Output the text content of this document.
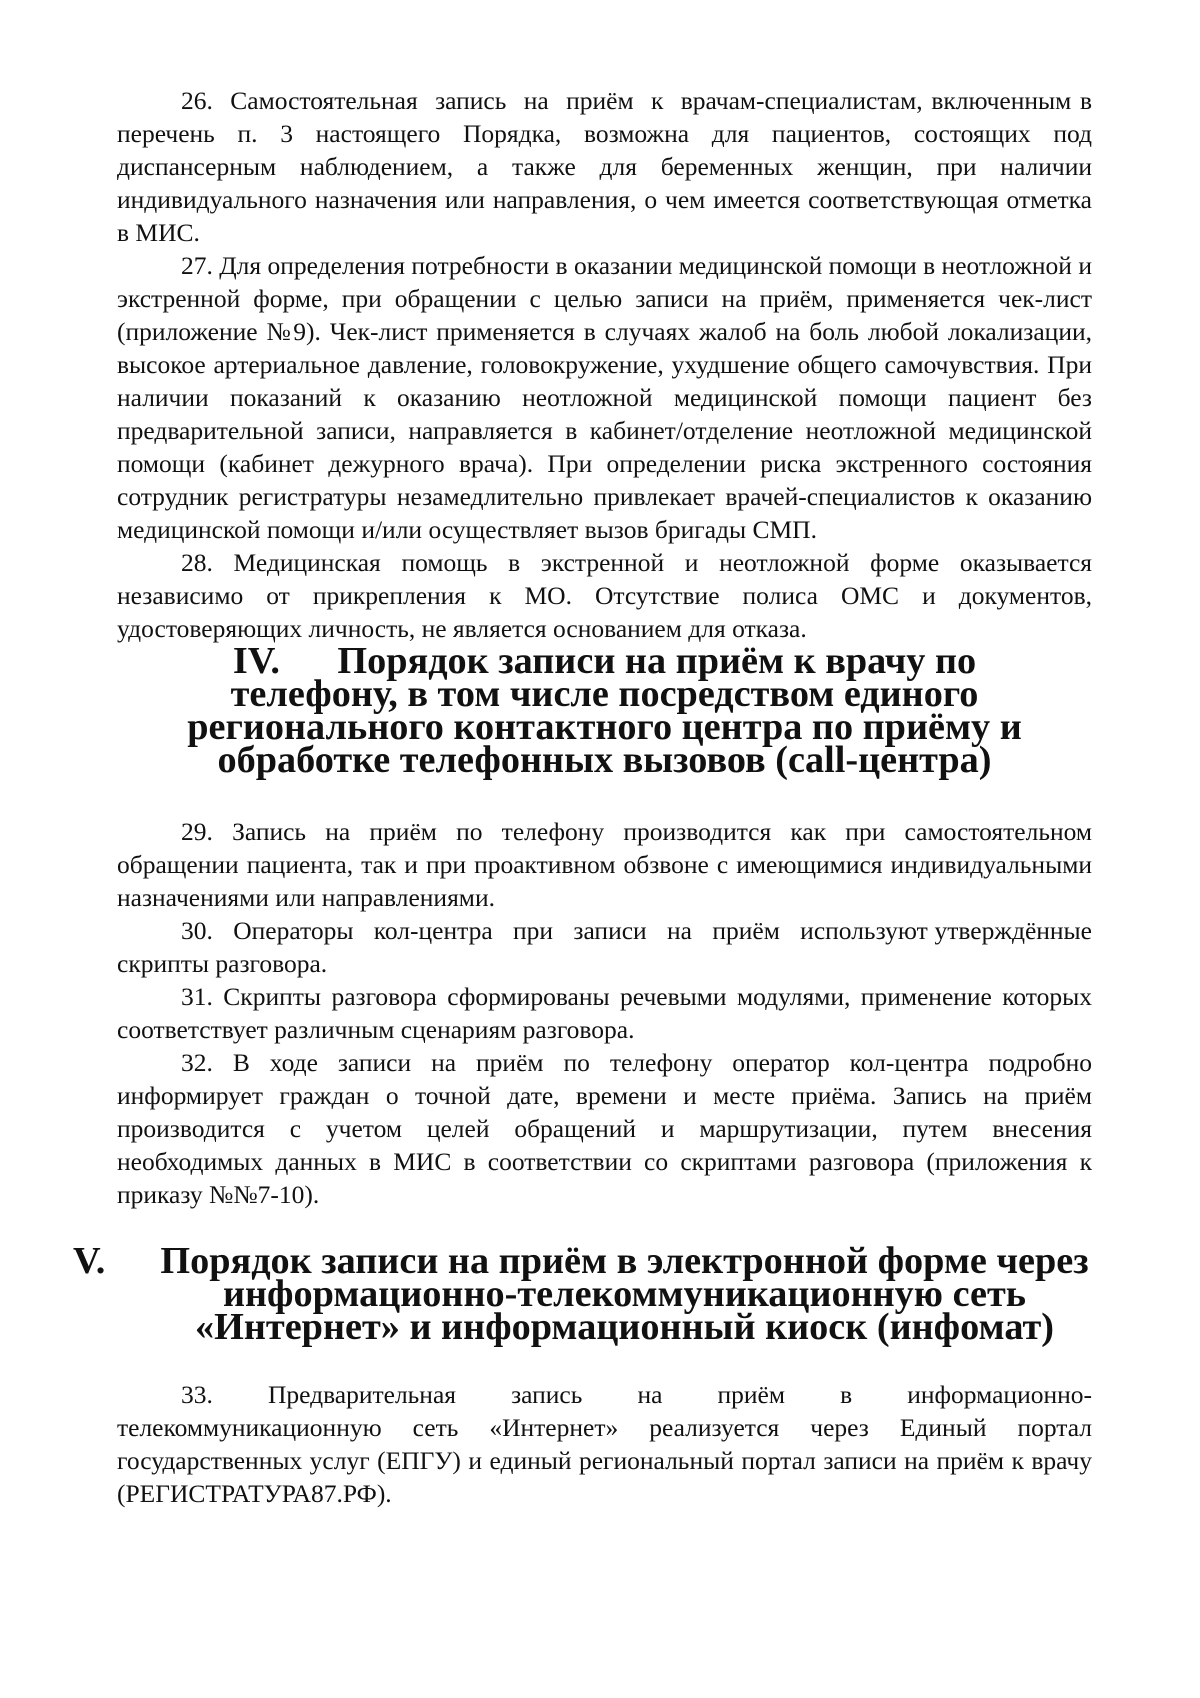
26.  Самостоятельная  запись  на  приём  к  врачам-специалистам, включенным в перечень п. 3 настоящего Порядка, возможна для пациентов, состоящих под диспансерным наблюдением, а также для беременных женщин, при наличии индивидуального назначения или направления, о чем имеется соответствующая отметка в МИС.

27. Для определения потребности в оказании медицинской помощи в неотложной и экстренной форме, при обращении с целью записи на приём, применяется чек-лист (приложение №9). Чек-лист применяется в случаях жалоб на боль любой локализации, высокое артериальное давление, головокружение, ухудшение общего самочувствия. При наличии показаний к оказанию неотложной медицинской помощи пациент без предварительной записи, направляется в кабинет/отделение неотложной медицинской помощи (кабинет дежурного врача). При определении риска экстренного состояния сотрудник регистратуры незамедлительно привлекает врачей-специалистов к оказанию медицинской помощи и/или осуществляет вызов бригады СМП.

28. Медицинская помощь в экстренной и неотложной форме оказывается независимо от прикрепления к МО. Отсутствие полиса ОМС и документов, удостоверяющих личность, не является основанием для отказа.

IV. Порядок записи на приём к врачу по телефону, в том числе посредством единого регионального контактного центра по приёму и обработке телефонных вызовов (call-центра)

29. Запись на приём по телефону производится как при самостоятельном обращении пациента, так и при проактивном обзвоне с имеющимися индивидуальными назначениями или направлениями.

30.   Операторы   кол-центра   при   записи   на   приём   используют утверждённые скрипты разговора.

31. Скрипты разговора сформированы речевыми модулями, применение которых соответствует различным сценариям разговора.

32. В ходе записи на приём по телефону оператор кол-центра подробно информирует граждан о точной дате, времени и месте приёма. Запись на приём производится с учетом целей обращений и маршрутизации, путем внесения необходимых данных в МИС в соответствии со скриптами разговора (приложения к приказу №№7-10).

V. Порядок записи на приём в электронной форме через информационно-телекоммуникационную сеть «Интернет» и информационный киоск (инфомат)

33.    Предварительная    запись    на    приём    в    информационно-телекоммуникационную сеть «Интернет» реализуется через Единый портал государственных услуг (ЕПГУ) и единый региональный портал записи на приём к врачу (РЕГИСТРАТУРА87.РФ).
